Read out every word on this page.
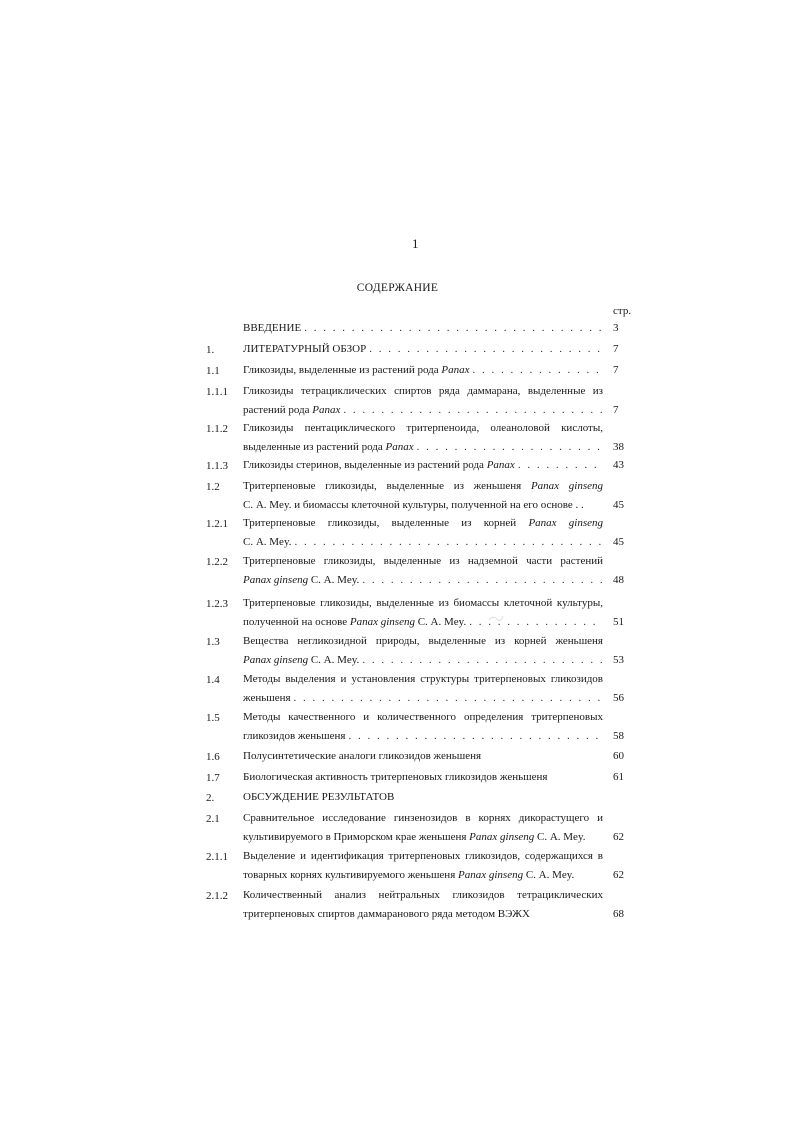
1
СОДЕРЖАНИЕ
стр.
ВВЕДЕНИЕ . . .	3
1.	ЛИТЕРАТУРНЫЙ ОБЗОР . . .	7
1.1 Гликозиды, выделенные из растений рода Panax . . .	7
1.1.1 Гликозиды тетрациклических спиртов ряда даммарана, выделенные из
растений рода Panax . . .	7
1.1.2 Гликозиды пентациклического тритерпеноида, олеаноловой кислоты,
выделенные из растений рода Panax . . .	38
1.1.3 Гликозиды стеринов, выделенные из растений рода Panax . . .	43
1.2 Тритерпеновые гликозиды, выделенные из женьшеня Panax ginseng
С. А. Mey. и биомассы клеточной культуры, полученной на его основе . .	45
1.2.1 Тритерпеновые гликозиды, выделенные из корней Panax ginseng
С. А. Mey. . . .	45
1.2.2 Тритерпеновые гликозиды, выделенные из надземной части растений
Panax ginseng С. А. Mey. . . .	48
1.2.3 Тритерпеновые гликозиды, выделенные из биомассы клеточной культуры,
полученной на основе Panax ginseng С. А. Mey. . . .	51
1.3 Вещества негликозидной природы, выделенные из корней женьшеня
Panax ginseng С. А. Mey. . . .	53
1.4 Методы выделения и установления структуры тритерпеновых гликозидов
женьшеня . . .	56
1.5 Методы качественного и количественного определения тритерпеновых
гликозидов женьшеня . . .	58
1.6 Полусинтетические аналоги гликозидов женьшеня	60
1.7 Биологическая активность тритерпеновых гликозидов женьшеня	61
2.	ОБСУЖДЕНИЕ РЕЗУЛЬТАТОВ
2.1 Сравнительное исследование гинзенозидов в корнях дикорастущего и
культивируемого в Приморском крае женьшеня Panax ginseng С. А. Mey.	62
2.1.1 Выделение и идентификация тритерпеновых гликозидов, содержащихся в
товарных корнях культивируемого женьшеня Panax ginseng С. А. Mey.	62
2.1.2 Количественный анализ нейтральных гликозидов тетрациклических
тритерпеновых спиртов даммаранового ряда методом ВЭЖХ	68
